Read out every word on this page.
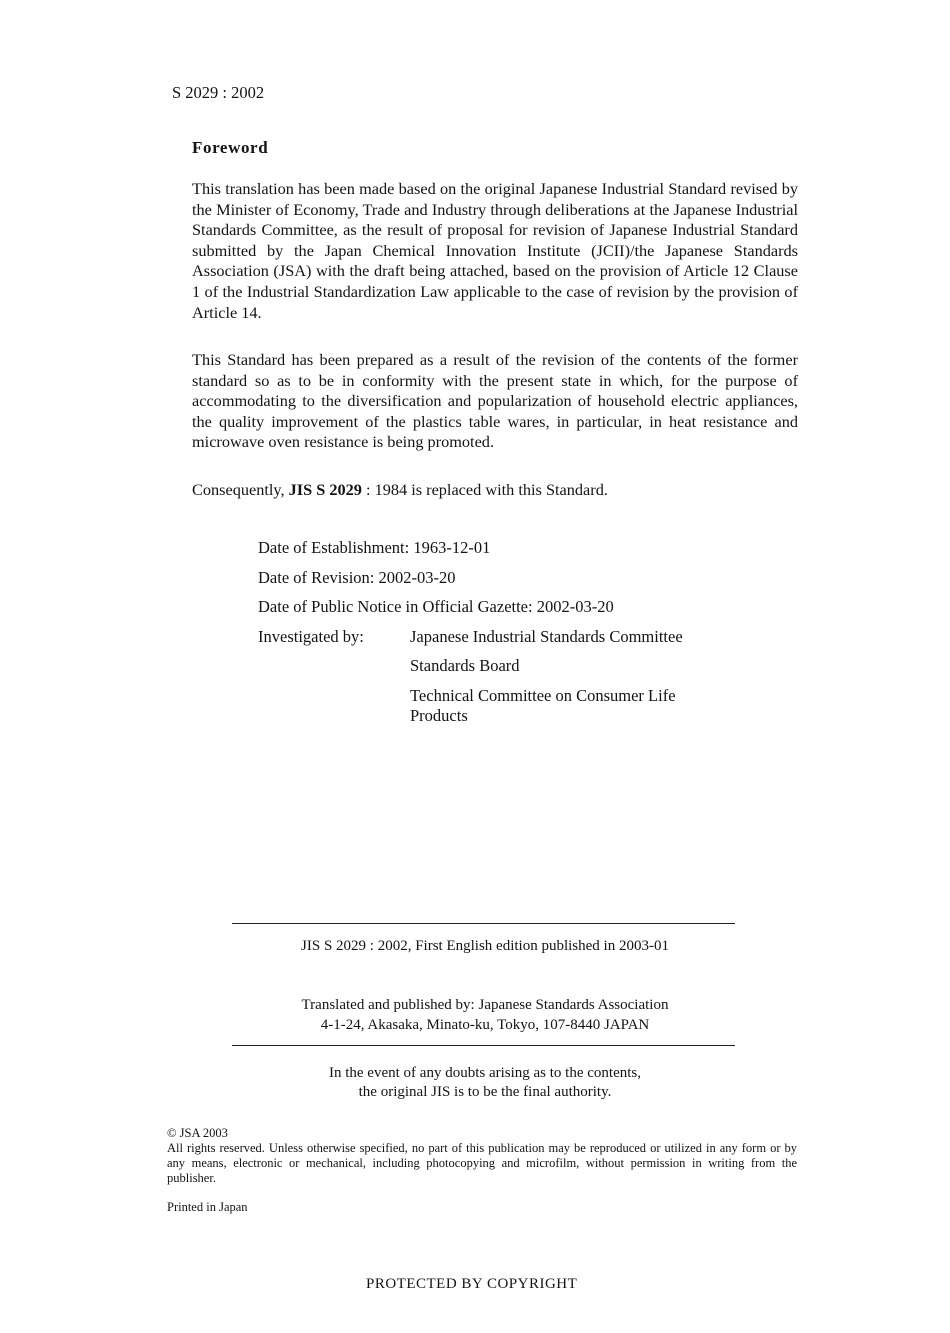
S 2029 : 2002
Foreword

This translation has been made based on the original Japanese Industrial Standard revised by the Minister of Economy, Trade and Industry through deliberations at the Japanese Industrial Standards Committee, as the result of proposal for revision of Japanese Industrial Standard submitted by the Japan Chemical Innovation Institute (JCII)/the Japanese Standards Association (JSA) with the draft being attached, based on the provision of Article 12 Clause 1 of the Industrial Standardization Law applicable to the case of revision by the provision of Article 14.

This Standard has been prepared as a result of the revision of the contents of the former standard so as to be in conformity with the present state in which, for the purpose of accommodating to the diversification and popularization of household electric appliances, the quality improvement of the plastics table wares, in particular, in heat resistance and microwave oven resistance is being promoted.

Consequently, JIS S 2029 : 1984 is replaced with this Standard.

Date of Establishment: 1963-12-01
Date of Revision: 2002-03-20
Date of Public Notice in Official Gazette: 2002-03-20
Investigated by:	Japanese Industrial Standards Committee
Standards Board
Technical Committee on Consumer Life
Products
JIS S 2029 : 2002, First English edition published in 2003-01
Translated and published by: Japanese Standards Association
4-1-24, Akasaka, Minato-ku, Tokyo, 107-8440 JAPAN
In the event of any doubts arising as to the contents,
the original JIS is to be the final authority.
© JSA 2003
All rights reserved. Unless otherwise specified, no part of this publication may be reproduced or utilized in any form or by any means, electronic or mechanical, including photocopying and microfilm, without permission in writing from the publisher.
Printed in Japan
PROTECTED BY COPYRIGHT
